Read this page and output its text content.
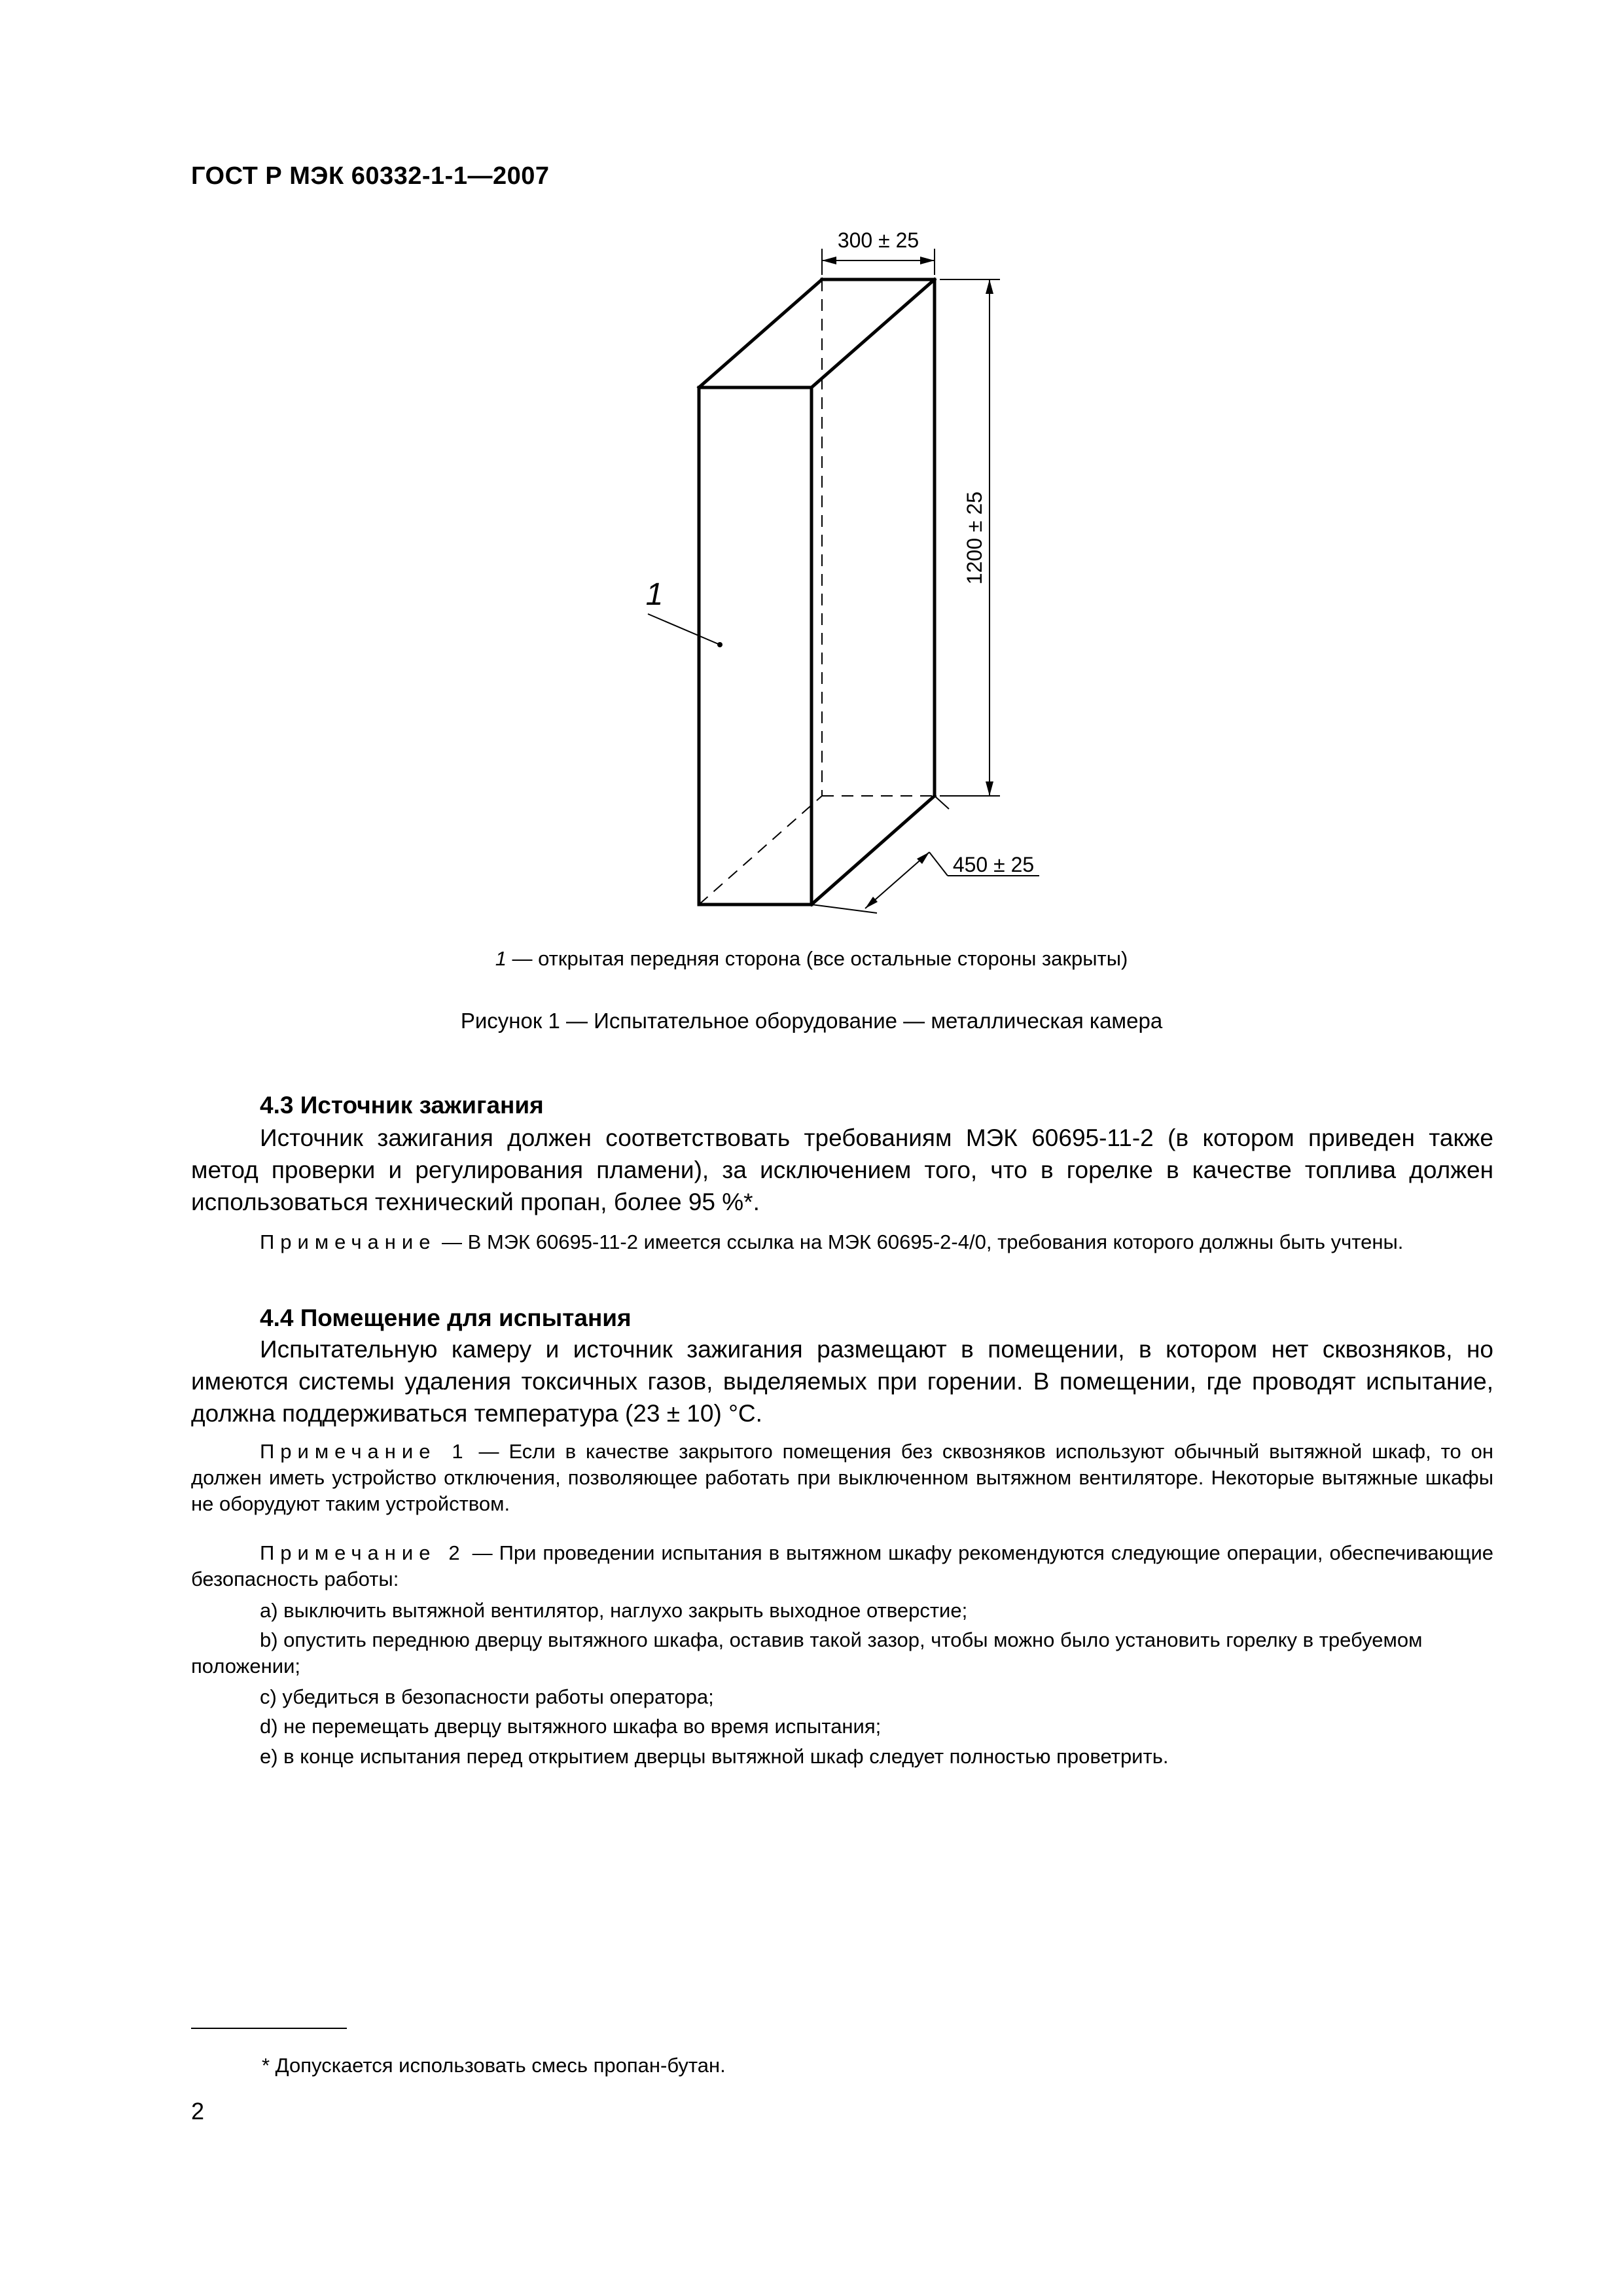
ГОСТ Р МЭК 60332-1-1—2007
300 ± 25
1200 ± 25
450 ± 25
1
1 — открытая передняя сторона (все остальные стороны закрыты)
Рисунок 1 — Испытательное оборудование — металлическая камера
4.3 Источник зажигания
Источник зажигания должен соответствовать требованиям МЭК 60695-11-2 (в котором приведен также метод проверки и регулирования пламени), за исключением того, что в горелке в качестве топлива должен использоваться технический пропан, более 95 %*.
Примечание — В МЭК 60695-11-2 имеется ссылка на МЭК 60695-2-4/0, требования которого должны быть учтены.
4.4 Помещение для испытания
Испытательную камеру и источник зажигания размещают в помещении, в котором нет сквозняков, но имеются системы удаления токсичных газов, выделяемых при горении. В помещении, где проводят испытание, должна поддерживаться температура (23 ± 10) °С.
Примечание 1 — Если в качестве закрытого помещения без сквозняков используют обычный вытяжной шкаф, то он должен иметь устройство отключения, позволяющее работать при выключенном вытяжном вентиляторе. Некоторые вытяжные шкафы не оборудуют таким устройством.
Примечание 2 — При проведении испытания в вытяжном шкафу рекомендуются следующие операции, обеспечивающие безопасность работы:
a) выключить вытяжной вентилятор, наглухо закрыть выходное отверстие;
b) опустить переднюю дверцу вытяжного шкафа, оставив такой зазор, чтобы можно было установить горелку в требуемом положении;
c) убедиться в безопасности работы оператора;
d) не перемещать дверцу вытяжного шкафа во время испытания;
e) в конце испытания перед открытием дверцы вытяжной шкаф следует полностью проветрить.
* Допускается использовать смесь пропан-бутан.
2
